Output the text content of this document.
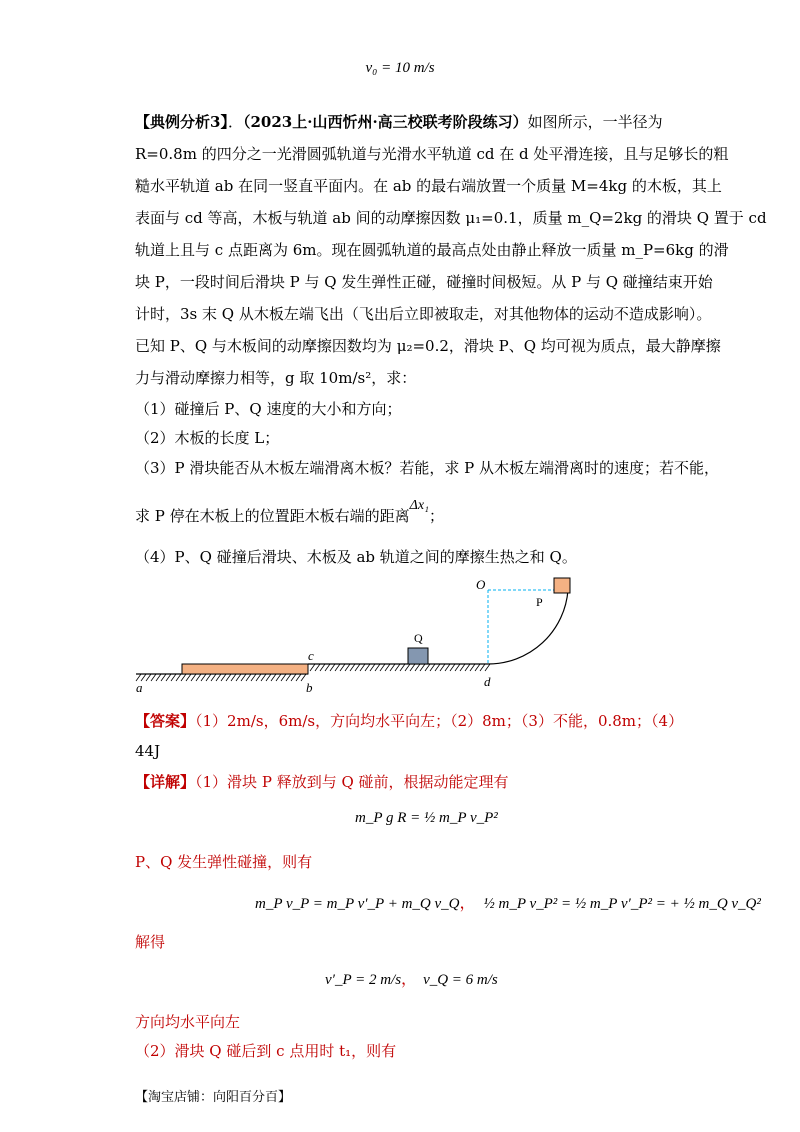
v₀ = 10 m/s
【典例分析3】．（2023上·山西忻州·高三校联考阶段练习）如图所示，一半径为
R=0.8m 的四分之一光滑圆弧轨道与光滑水平轨道 cd 在 d 处平滑连接，且与足够长的粗
糙水平轨道 ab 在同一竖直平面内。在 ab 的最右端放置一个质量 M=4kg 的木板，其上
表面与 cd 等高，木板与轨道 ab 间的动摩擦因数 μ₁=0.1，质量 m_Q=2kg 的滑块 Q 置于 cd
轨道上且与 c 点距离为 6m。现在圆弧轨道的最高点处由静止释放一质量 m_P=6kg 的滑
块 P，一段时间后滑块 P 与 Q 发生弹性正碰，碰撞时间极短。从 P 与 Q 碰撞结束开始
计时，3s 末 Q 从木板左端飞出（飞出后立即被取走，对其他物体的运动不造成影响）。
已知 P、Q 与木板间的动摩擦因数均为 μ₂=0.2，滑块 P、Q 均可视为质点，最大静摩擦
力与滑动摩擦力相等，g 取 10m/s²，求：
（1）碰撞后 P、Q 速度的大小和方向；
（2）木板的长度 L；
（3）P 滑块能否从木板左端滑离木板？若能，求 P 从木板左端滑离时的速度；若不能，
求 P 停在木板上的位置距木板右端的距离Δx₁；
（4）P、Q 碰撞后滑块、木板及 ab 轨道之间的摩擦生热之和 Q。
a	b
c
d
O
P
Q
【答案】（1）2m/s，6m/s，方向均水平向左；（2）8m；（3）不能，0.8m；（4）
44J
【详解】（1）滑块 P 释放到与 Q 碰前，根据动能定理有
m_P g R = ½ m_P v_P²
P、Q 发生弹性碰撞，则有
m_P v_P = m_P v′_P + m_Q v_Q， ½ m_P v_P² = ½ m_P v′_P² = + ½ m_Q v_Q²
解得
v′_P = 2 m/s， v_Q = 6 m/s
方向均水平向左
（2）滑块 Q 碰后到 c 点用时 t₁，则有
【淘宝店铺：向阳百分百】
